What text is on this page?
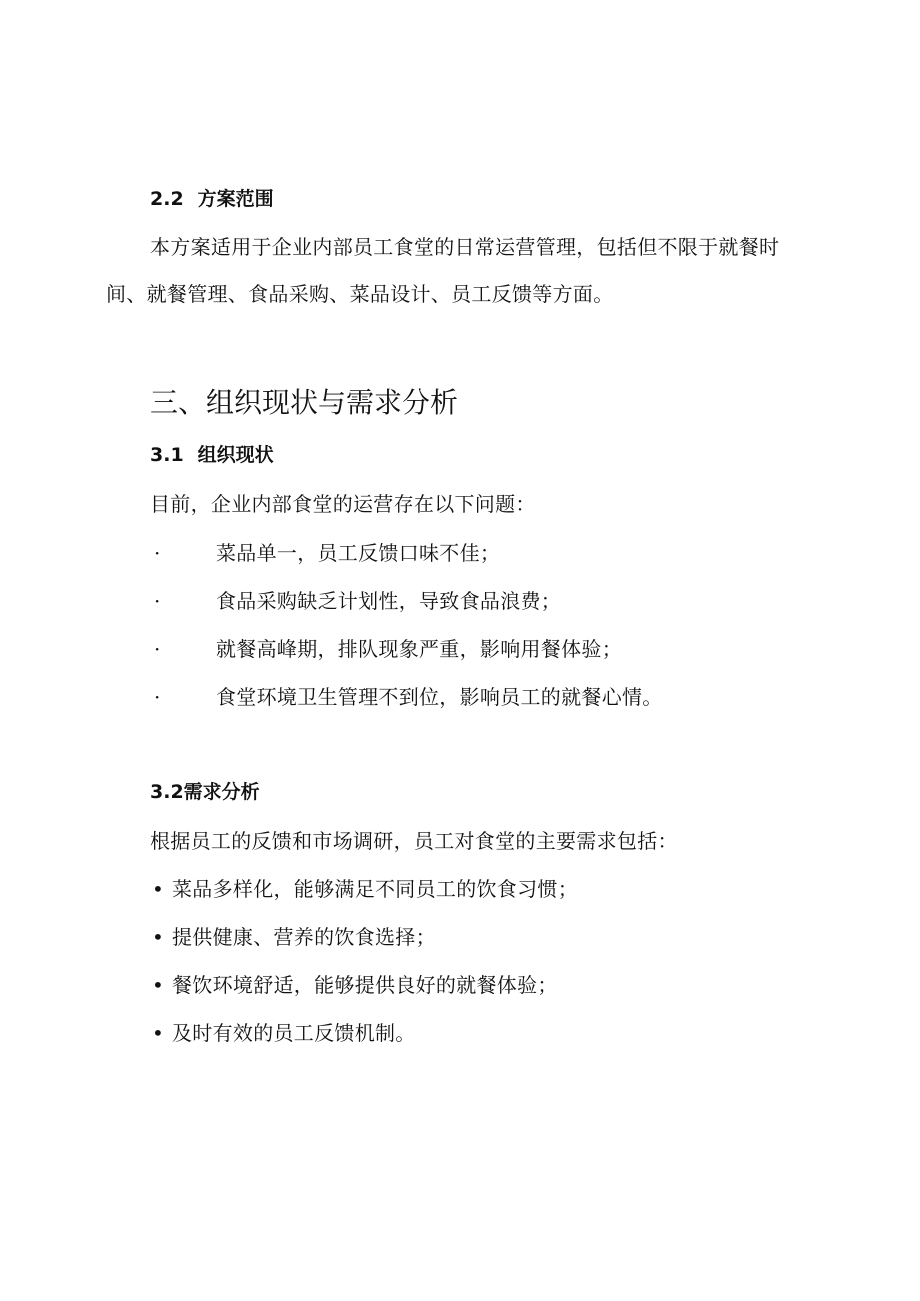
2.2 方案范围
本方案适用于企业内部员工食堂的日常运营管理，包括但不限于就餐时间、就餐管理、食品采购、菜品设计、员工反馈等方面。
三、组织现状与需求分析
3.1 组织现状
目前，企业内部食堂的运营存在以下问题：
·	菜品单一，员工反馈口味不佳；
·	食品采购缺乏计划性，导致食品浪费；
·	就餐高峰期，排队现象严重，影响用餐体验；
·	食堂环境卫生管理不到位，影响员工的就餐心情。
3.2需求分析
根据员工的反馈和市场调研，员工对食堂的主要需求包括：
• 菜品多样化，能够满足不同员工的饮食习惯；
• 提供健康、营养的饮食选择；
• 餐饮环境舒适，能够提供良好的就餐体验；
• 及时有效的员工反馈机制。
